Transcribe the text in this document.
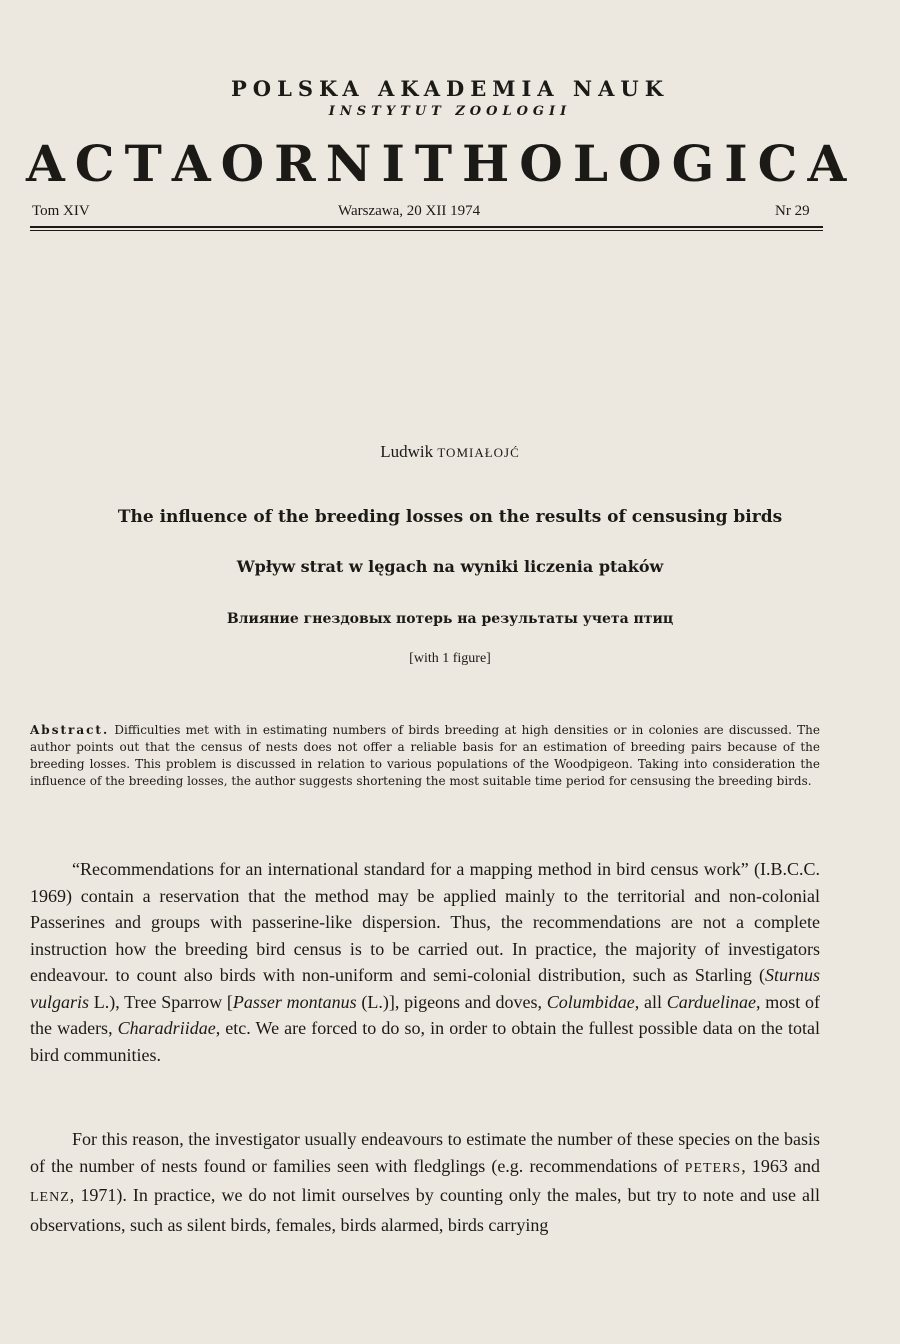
POLSKA AKADEMIA NAUK
INSTYTUT ZOOLOGII
A C T A O R N I T H O L O G I C A
Tom XIV	Warszawa, 20 XII 1974	Nr 29
Ludwik TOMIAŁOJĆ
The influence of the breeding losses on the results of censusing birds
Wpływ strat w lęgach na wyniki liczenia ptaków
Влияние гнездовых потерь на результаты учета птиц
[with 1 figure]
Abstract. Difficulties met with in estimating numbers of birds breeding at high densities or in colonies are discussed. The author points out that the census of nests does not offer a reliable basis for an estimation of breeding pairs because of the breeding losses. This problem is discussed in relation to various populations of the Woodpigeon. Taking into consideration the influence of the breeding losses, the author suggests shortening the most suitable time period for censusing the breeding birds.
“Recommendations for an international standard for a mapping method in bird census work” (I.B.C.C. 1969) contain a reservation that the method may be applied mainly to the territorial and non-colonial Passerines and groups with passerine-like dispersion. Thus, the recommendations are not a complete instruction how the breeding bird census is to be carried out. In practice, the majority of investigators endeavour. to count also birds with non-uniform and semi-colonial distribution, such as Starling (Sturnus vulgaris L.), Tree Sparrow [Passer montanus (L.)], pigeons and doves, Columbidae, all Carduelinae, most of the waders, Charadriidae, etc. We are forced to do so, in order to obtain the fullest possible data on the total bird communities.
For this reason, the investigator usually endeavours to estimate the number of these species on the basis of the number of nests found or families seen with fledglings (e.g. recommendations of PETERS, 1963 and LENZ, 1971). In practice, we do not limit ourselves by counting only the males, but try to note and use all observations, such as silent birds, females, birds alarmed, birds carrying
